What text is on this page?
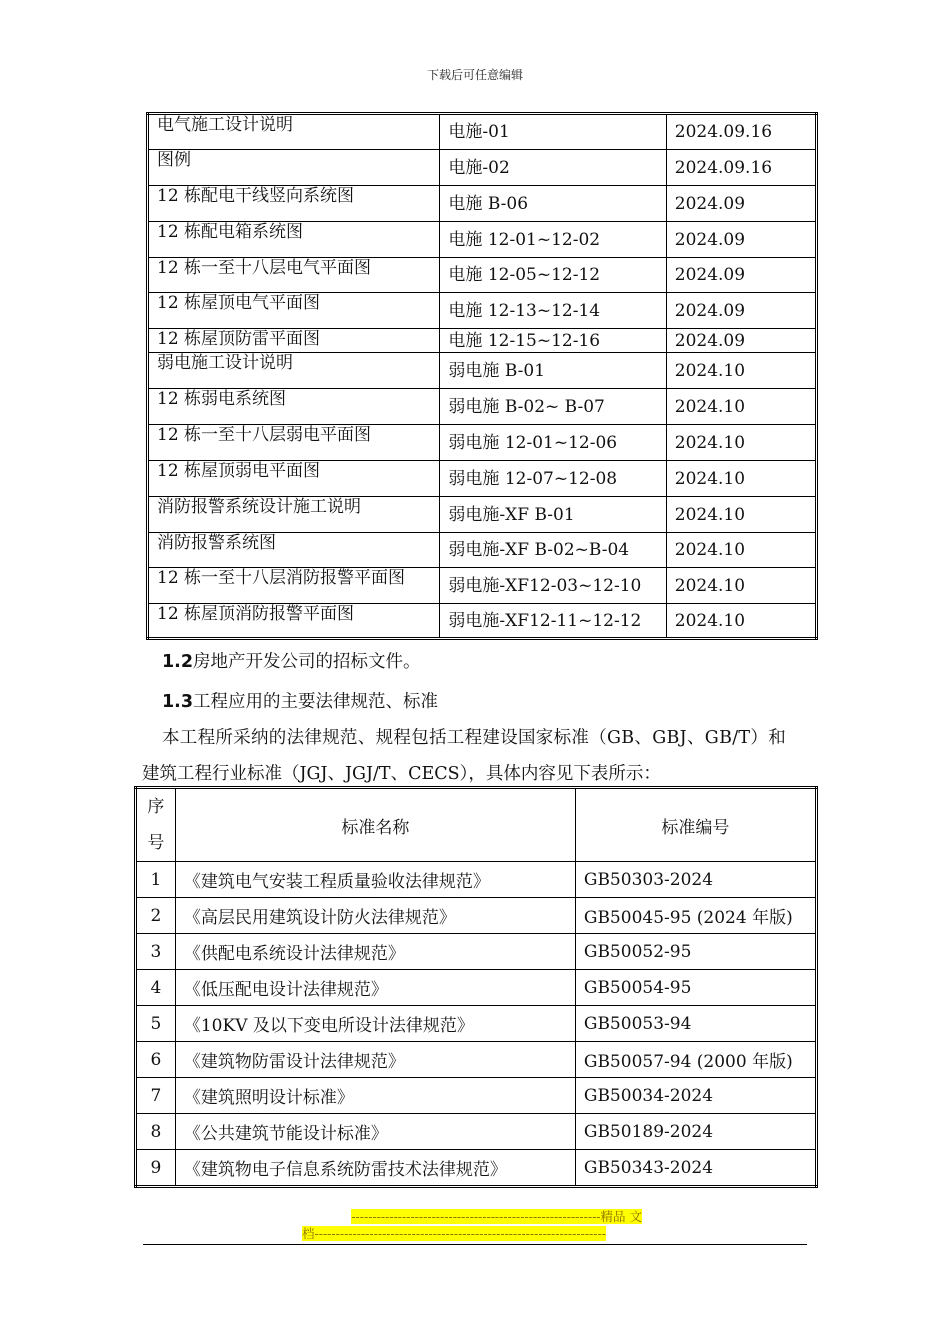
下载后可任意编辑
电气施工设计说明	电施-01	2024.09.16
图例	电施-02	2024.09.16
12 栋配电干线竖向系统图	电施 B-06	2024.09
12 栋配电箱系统图	电施 12-01~12-02	2024.09
12 栋一至十八层电气平面图	电施 12-05~12-12	2024.09
12 栋屋顶电气平面图	电施 12-13~12-14	2024.09
12 栋屋顶防雷平面图	电施 12-15~12-16	2024.09
弱电施工设计说明	弱电施 B-01	2024.10
12 栋弱电系统图	弱电施 B-02~ B-07	2024.10
12 栋一至十八层弱电平面图	弱电施 12-01~12-06	2024.10
12 栋屋顶弱电平面图	弱电施 12-07~12-08	2024.10
消防报警系统设计施工说明	弱电施-XF B-01	2024.10
消防报警系统图	弱电施-XF B-02~B-04	2024.10
12 栋一至十八层消防报警平面图	弱电施-XF12-03~12-10	2024.10
12 栋屋顶消防报警平面图	弱电施-XF12-11~12-12	2024.10
1.2房地产开发公司的招标文件。
1.3工程应用的主要法律规范、标准
本工程所采纳的法律规范、规程包括工程建设国家标准（GB、GBJ、GB/T）和
建筑工程行业标准（JGJ、JGJ/T、CECS），具体内容见下表所示：
序
号	标准名称	标准编号
1	《建筑电气安装工程质量验收法律规范》	GB50303-2024
2	《高层民用建筑设计防火法律规范》	GB50045-95 (2024 年版)
3	《供配电系统设计法律规范》	GB50052-95
4	《低压配电设计法律规范》	GB50054-95
5	《10KV 及以下变电所设计法律规范》	GB50053-94
6	《建筑物防雷设计法律规范》	GB50057-94 (2000 年版)
7	《建筑照明设计标准》	GB50034-2024
8	《公共建筑节能设计标准》	GB50189-2024
9	《建筑物电子信息系统防雷技术法律规范》	GB50343-2024
-----------------------------------------------------------精品 文
档---------------------------------------------------------------------
